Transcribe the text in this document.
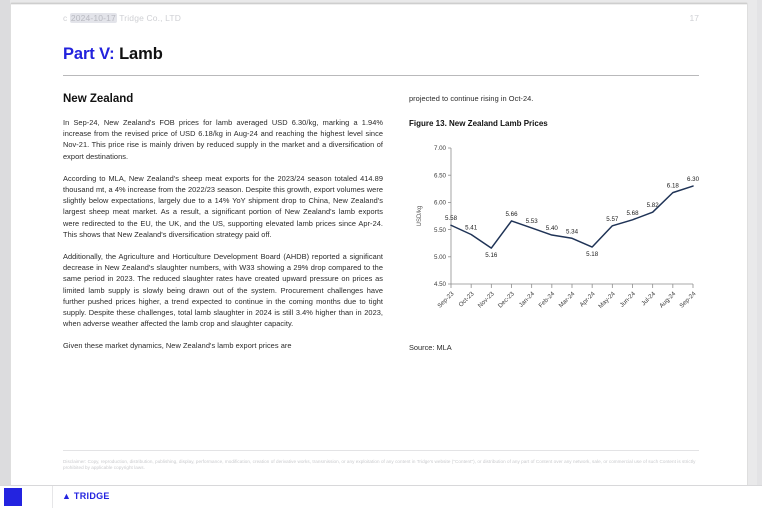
c 2024-10-17 Tridge Co., LTD	17
Part V: Lamb
New Zealand

In Sep-24, New Zealand's FOB prices for lamb averaged USD 6.30/kg, marking a 1.94% increase from the revised price of USD 6.18/kg in Aug-24 and reaching the highest level since Nov-21. This price rise is mainly driven by reduced supply in the market and a diversification of export destinations.

According to MLA, New Zealand's sheep meat exports for the 2023/24 season totaled 414.89 thousand mt, a 4% increase from the 2022/23 season. Despite this growth, export volumes were slightly below expectations, largely due to a 14% YoY shipment drop to China, New Zealand's largest sheep meat market. As a result, a significant portion of New Zealand's lamb exports were redirected to the EU, the UK, and the US, supporting elevated lamb prices since Apr-24. This shows that New Zealand's diversification strategy paid off.

Additionally, the Agriculture and Horticulture Development Board (AHDB) reported a significant decrease in New Zealand's slaughter numbers, with W33 showing a 29% drop compared to the same period in 2023. The reduced slaughter rates have created upward pressure on prices as limited lamb supply is slowly being drawn out of the system. Procurement challenges have further pushed prices higher, a trend expected to continue in the coming months due to tight supply. Despite these challenges, total lamb slaughter in 2024 is still 3.4% higher than in 2023, when adverse weather affected the lamb crop and slaughter capacity.

Given these market dynamics, New Zealand's lamb export prices are

projected to continue rising in Oct-24.

Figure 13. New Zealand Lamb Prices
4.50
5.00
5.50
6.00
6.50
7.00
USD/kg
Sep-23 Oct-23 Nov-23 Dec-23 Jan-24 Feb-24 Mar-24 Apr-24 May-24 Jun-24 Jul-24 Aug-24 Sep-24
5.58
5.41
5.16
5.66
5.53
5.40 5.34
5.18
5.57
5.68
5.82
6.18
6.30
Source: MLA
Disclaimer: Copy, reproduction, distribution, publishing, display, performance, modification, creation of derivative works, transmission, or any exploitation of any content in Tridge's website ("Content"), or distribution of any part of Content over any network, sale, or commercial use of such Content is strictly prohibited by applicable copyright laws.
▲ TRIDGE
